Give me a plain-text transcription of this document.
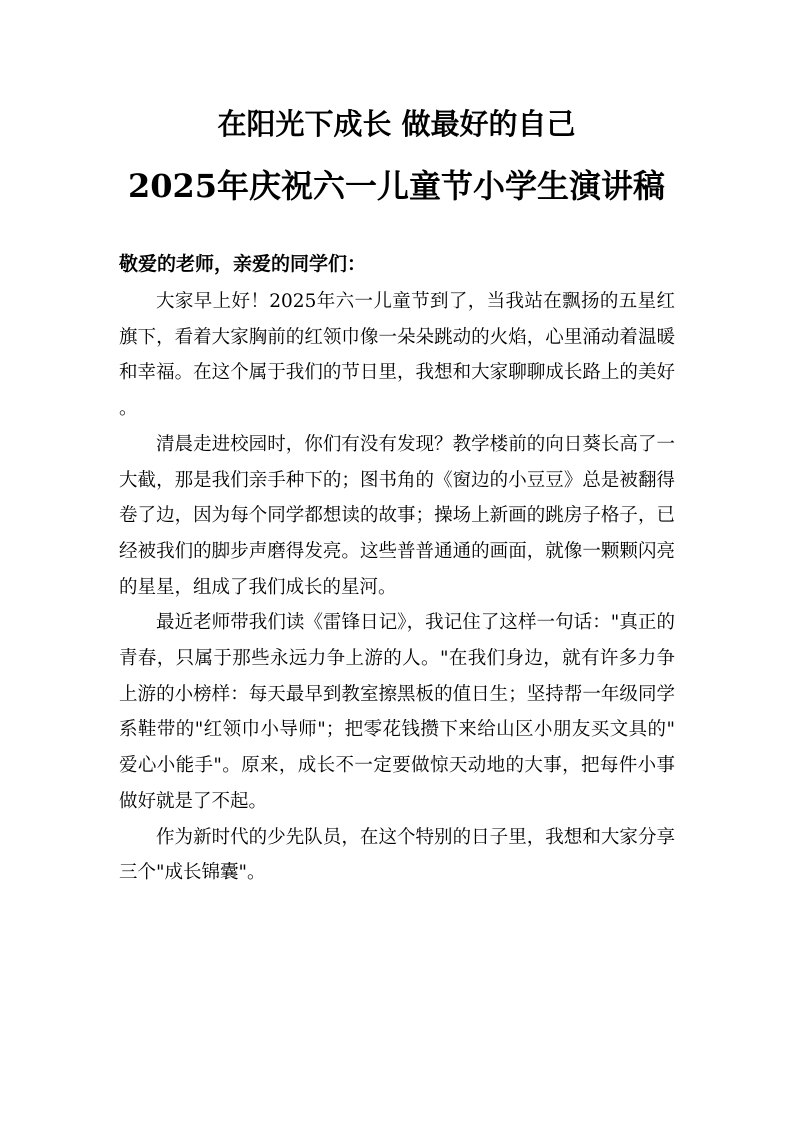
在阳光下成长 做最好的自己
2025年庆祝六一儿童节小学生演讲稿
敬爱的老师，亲爱的同学们：

大家早上好！2025年六一儿童节到了，当我站在飘扬的五星红旗下，看着大家胸前的红领巾像一朵朵跳动的火焰，心里涌动着温暖和幸福。在这个属于我们的节日里，我想和大家聊聊成长路上的美好。

清晨走进校园时，你们有没有发现？教学楼前的向日葵长高了一大截，那是我们亲手种下的；图书角的《窗边的小豆豆》总是被翻得卷了边，因为每个同学都想读的故事；操场上新画的跳房子格子，已经被我们的脚步声磨得发亮。这些普普通通的画面，就像一颗颗闪亮的星星，组成了我们成长的星河。

最近老师带我们读《雷锋日记》，我记住了这样一句话："真正的青春，只属于那些永远力争上游的人。"在我们身边，就有许多力争上游的小榜样：每天最早到教室擦黑板的值日生；坚持帮一年级同学系鞋带的"红领巾小导师"；把零花钱攒下来给山区小朋友买文具的"爱心小能手"。原来，成长不一定要做惊天动地的大事，把每件小事做好就是了不起。

作为新时代的少先队员，在这个特别的日子里，我想和大家分享三个"成长锦囊"。
